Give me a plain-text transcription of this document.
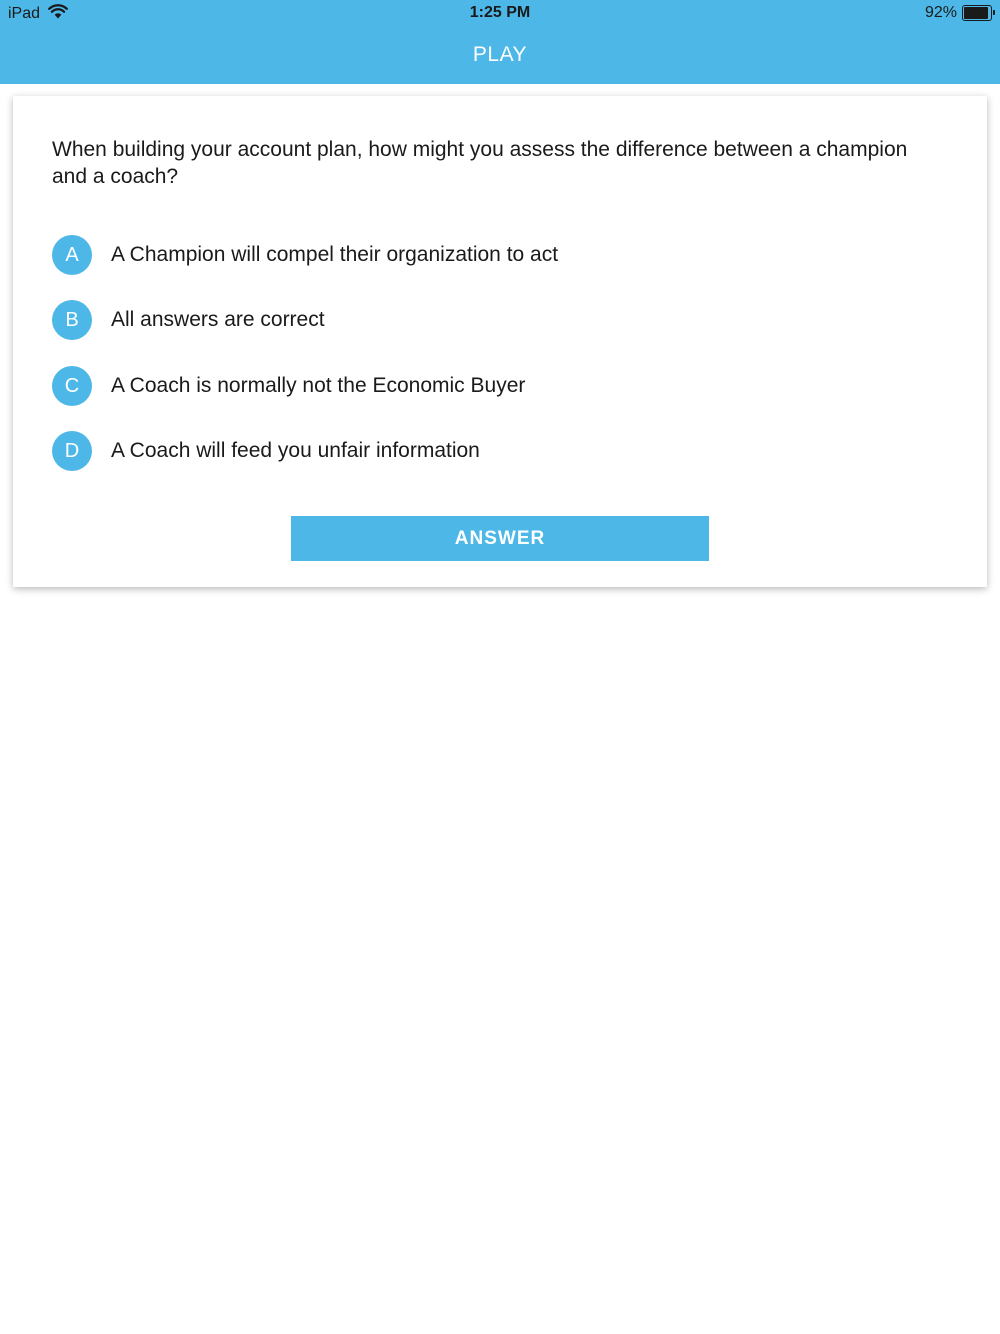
iPad	1:25 PM	92%
PLAY
When building your account plan, how might you assess the difference between a champion and a coach?
A	A Champion will compel their organization to act
B	All answers are correct
C	A Coach is normally not the Economic Buyer
D	A Coach will feed you unfair information
ANSWER
